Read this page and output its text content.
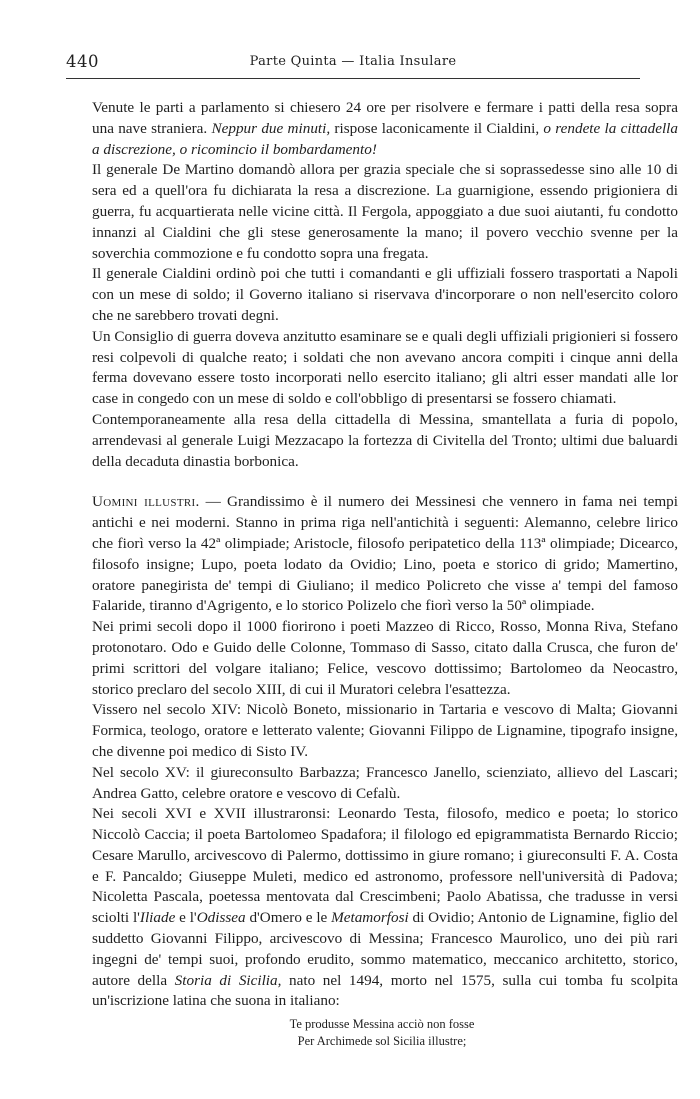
440	Parte Quinta — Italia Insulare

Venute le parti a parlamento si chiesero 24 ore per risolvere e fermare i patti della resa sopra una nave straniera. Neppur due minuti, rispose laconicamente il Cialdini, o rendete la cittadella a discrezione, o ricomincio il bombardamento!

Il generale De Martino domandò allora per grazia speciale che si soprassedesse sino alle 10 di sera ed a quell'ora fu dichiarata la resa a discrezione. La guarnigione, essendo prigioniera di guerra, fu acquartierata nelle vicine città. Il Fergola, appoggiato a due suoi aiutanti, fu condotto innanzi al Cialdini che gli stese generosamente la mano; il povero vecchio svenne per la soverchia commozione e fu condotto sopra una fregata.

Il generale Cialdini ordinò poi che tutti i comandanti e gli uffiziali fossero trasportati a Napoli con un mese di soldo; il Governo italiano si riservava d'incorporare o non nell'esercito coloro che ne sarebbero trovati degni.

Un Consiglio di guerra doveva anzitutto esaminare se e quali degli uffiziali prigionieri si fossero resi colpevoli di qualche reato; i soldati che non avevano ancora compiti i cinque anni della ferma dovevano essere tosto incorporati nello esercito italiano; gli altri esser mandati alle lor case in congedo con un mese di soldo e coll'obbligo di presentarsi se fossero chiamati.

Contemporaneamente alla resa della cittadella di Messina, smantellata a furia di popolo, arrendevasi al generale Luigi Mezzacapo la fortezza di Civitella del Tronto; ultimi due baluardi della decaduta dinastia borbonica.

Uomini illustri. — Grandissimo è il numero dei Messinesi che vennero in fama nei tempi antichi e nei moderni. Stanno in prima riga nell'antichità i seguenti: Alemanno, celebre lirico che fiorì verso la 42ª olimpiade; Aristocle, filosofo peripatetico della 113ª olimpiade; Dicearco, filosofo insigne; Lupo, poeta lodato da Ovidio; Lino, poeta e storico di grido; Mamertino, oratore panegirista de' tempi di Giuliano; il medico Policreto che visse a' tempi del famoso Falaride, tiranno d'Agrigento, e lo storico Polizelo che fiorì verso la 50ª olimpiade.

Nei primi secoli dopo il 1000 fiorirono i poeti Mazzeo di Ricco, Rosso, Monna Riva, Stefano protonotaro. Odo e Guido delle Colonne, Tommaso di Sasso, citato dalla Crusca, che furon de' primi scrittori del volgare italiano; Felice, vescovo dottissimo; Bartolomeo da Neocastro, storico preclaro del secolo XIII, di cui il Muratori celebra l'esattezza.

Vissero nel secolo XIV: Nicolò Boneto, missionario in Tartaria e vescovo di Malta; Giovanni Formica, teologo, oratore e letterato valente; Giovanni Filippo de Lignamine, tipografo insigne, che divenne poi medico di Sisto IV.

Nel secolo XV: il giureconsulto Barbazza; Francesco Janello, scienziato, allievo del Lascari; Andrea Gatto, celebre oratore e vescovo di Cefalù.

Nei secoli XVI e XVII illustraronsi: Leonardo Testa, filosofo, medico e poeta; lo storico Niccolò Caccia; il poeta Bartolomeo Spadafora; il filologo ed epigrammatista Bernardo Riccio; Cesare Marullo, arcivescovo di Palermo, dottissimo in giure romano; i giureconsulti F. A. Costa e F. Pancaldo; Giuseppe Muleti, medico ed astronomo, professore nell'università di Padova; Nicoletta Pascala, poetessa mentovata dal Crescimbeni; Paolo Abatissa, che tradusse in versi sciolti l'Iliade e l'Odissea d'Omero e le Metamorfosi di Ovidio; Antonio de Lignamine, figlio del suddetto Giovanni Filippo, arcivescovo di Messina; Francesco Maurolico, uno dei più rari ingegni de' tempi suoi, profondo erudito, sommo matematico, meccanico architetto, storico, autore della Storia di Sicilia, nato nel 1494, morto nel 1575, sulla cui tomba fu scolpita un'iscrizione latina che suona in italiano:

Te produsse Messina acciò non fosse
Per Archimede sol Sicilia illustre;
